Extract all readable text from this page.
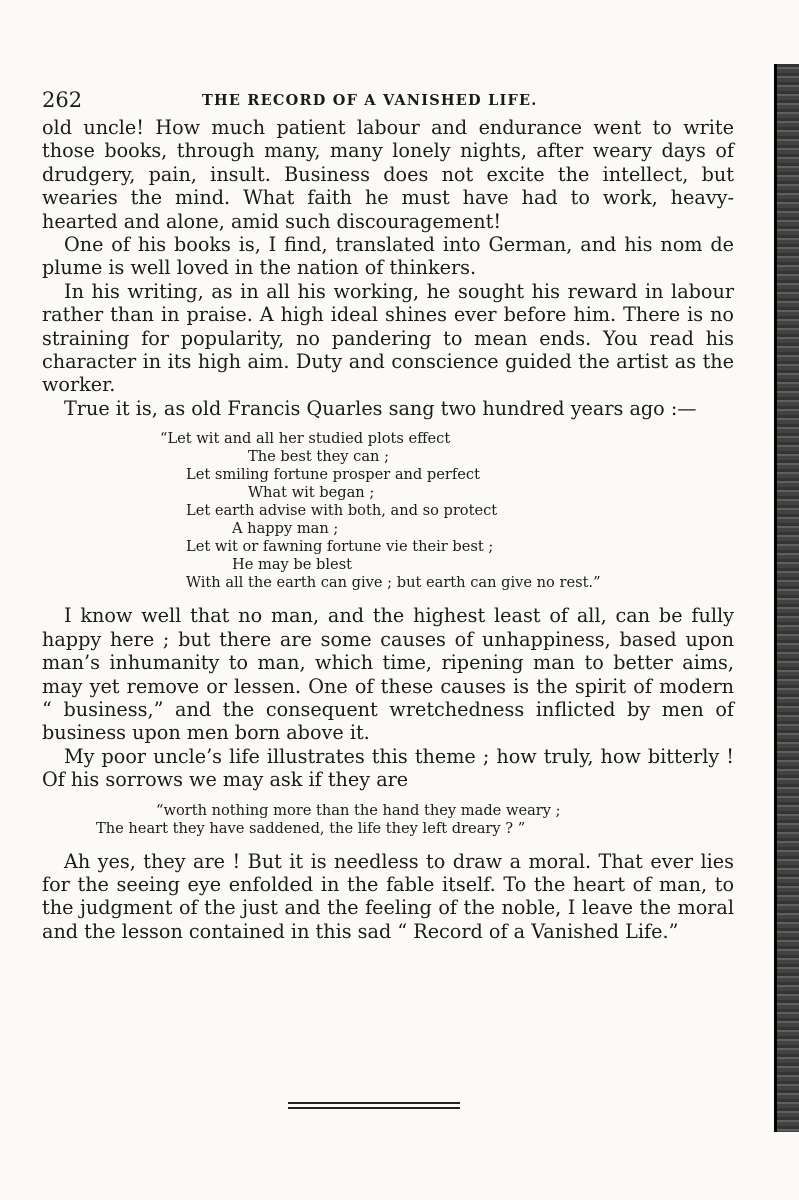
262	THE RECORD OF A VANISHED LIFE.

old uncle! How much patient labour and endurance went to write those books, through many, many lonely nights, after weary days of drudgery, pain, insult. Business does not excite the intellect, but wearies the mind. What faith he must have had to work, heavy-hearted and alone, amid such discouragement!

One of his books is, I find, translated into German, and his nom de plume is well loved in the nation of thinkers.

In his writing, as in all his working, he sought his reward in labour rather than in praise. A high ideal shines ever before him. There is no straining for popularity, no pandering to mean ends. You read his character in its high aim. Duty and conscience guided the artist as the worker.

True it is, as old Francis Quarles sang two hundred years ago :—

“Let wit and all her studied plots effect
The best they can ;
Let smiling fortune prosper and perfect
What wit began ;
Let earth advise with both, and so protect
A happy man ;
Let wit or fawning fortune vie their best ;
He may be blest
With all the earth can give ; but earth can give no rest.”

I know well that no man, and the highest least of all, can be fully happy here ; but there are some causes of unhappiness, based upon man’s inhumanity to man, which time, ripening man to better aims, may yet remove or lessen. One of these causes is the spirit of modern “ business,” and the consequent wretchedness inflicted by men of business upon men born above it.

My poor uncle’s life illustrates this theme ; how truly, how bitterly ! Of his sorrows we may ask if they are

“worth nothing more than the hand they made weary ;
The heart they have saddened, the life they left dreary ? ”

Ah yes, they are ! But it is needless to draw a moral. That ever lies for the seeing eye enfolded in the fable itself. To the heart of man, to the judgment of the just and the feeling of the noble, I leave the moral and the lesson contained in this sad “ Record of a Vanished Life.”
